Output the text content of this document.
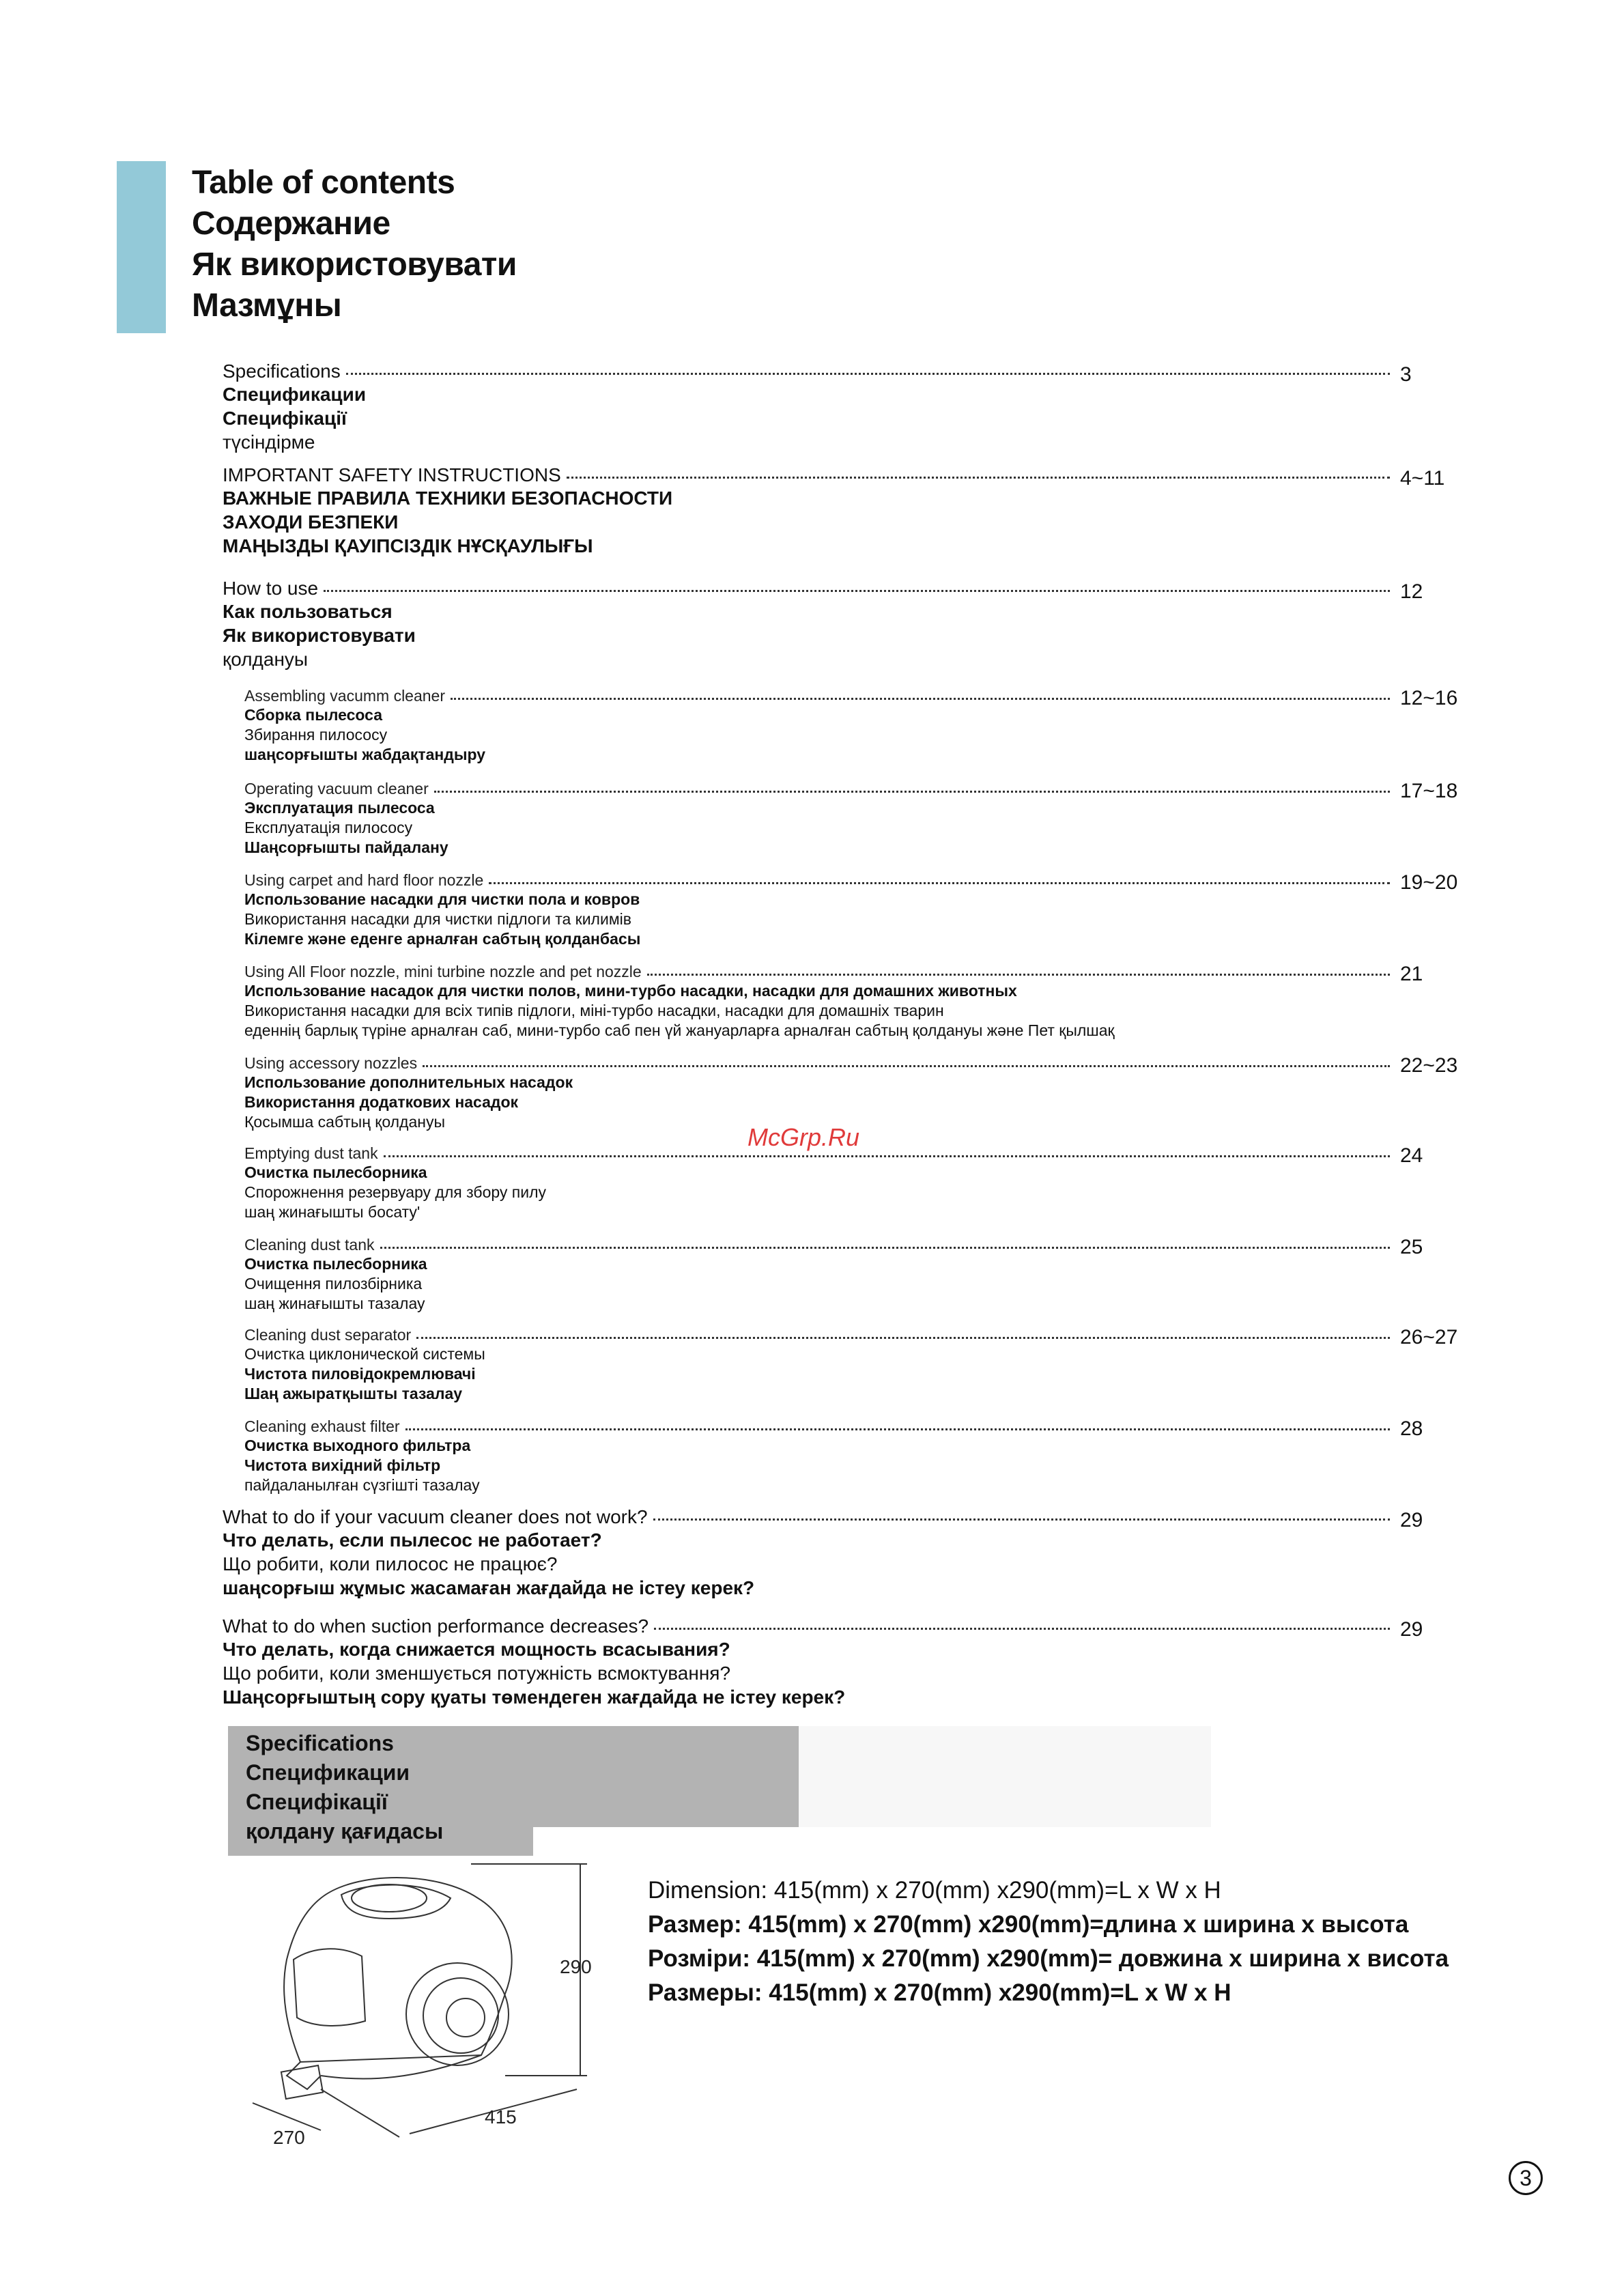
Table of contents
Содержание
Як використовувати
Мазмұны
Specifications	3
Спецификации
Специфікації
түсіндірме
IMPORTANT SAFETY INSTRUCTIONS	4~11
ВАЖНЫЕ ПРАВИЛА ТЕХНИКИ БЕЗОПАСНОСТИ
ЗАХОДИ БЕЗПЕКИ
МАҢЫЗДЫ ҚАУІПСІЗДІК НҰСҚАУЛЫҒЫ
How to use	12
Как пользоваться
Як використовувати
қолдануы
Assembling vacumm cleaner	12~16
Сборка пылесоса
Збирання пилососу
шаңсорғышты жабдақтандыру
Operating vacuum cleaner	17~18
Эксплуатация пылесоса
Експлуатація пилососу
Шаңсорғышты пайдалану
Using carpet and hard floor nozzle	19~20
Использование насадки для чистки пола и ковров
Використання насадки для чистки підлоги та килимів
Кілемге және еденге арналған сабтың қолданбасы
Using All Floor nozzle, mini turbine nozzle and pet nozzle	21
Использование насадок для чистки полов, мини-турбо насадки, насадки для домашних животных
Використання насадки для всіх типів підлоги, міні-турбо насадки, насадки для домашніх тварин
еденнің барлық түріне арналған саб, мини-турбо саб пен үй жануарларға арналған сабтың қолдануы және Пет қылшақ
Using accessory nozzles	22~23
Использование дополнительных насадок
Використання додаткових насадок
Қосымша сабтың қолдануы
Emptying dust tank	24
Очистка пылесборника
Спорожнення резервуару для збору пилу
шаң жинағышты босату'
Cleaning dust tank	25
Очистка пылесборника
Очищення пилозбірника
шаң жинағышты тазалау
Cleaning dust separator	26~27
Очистка циклонической системы
Чистота пиловідокремлювачі
Шаң ажыратқышты тазалау
Cleaning exhaust filter	28
Очистка выходного фильтра
Чистота вихідний фільтр
пайдаланылған сүзгішті тазалау
What to do if your vacuum cleaner does not work?	29
Что делать, если пылесос не работает?
Що робити, коли пилосос не працює?
шаңсорғыш жұмыс жасамаған жағдайда не істеу керек?
What to do when suction performance decreases?	29
Что делать, когда снижается мощность всасывания?
Що робити, коли зменшується потужність всмоктування?
Шаңсорғыштың сору қуаты төмендеген жағдайда не істеу керек?
McGrp.Ru
Specifications
Спецификации
Специфікації
қолдану қағидасы
290
415
270
Dimension: 415(mm) x 270(mm) x290(mm)=L x W x H
Размер: 415(mm) x 270(mm) x290(mm)=длина x ширина x высота
Розміри: 415(mm) x 270(mm) x290(mm)= довжина x ширина x висота
Размеры: 415(mm) x 270(mm) x290(mm)=L x W x H
3
